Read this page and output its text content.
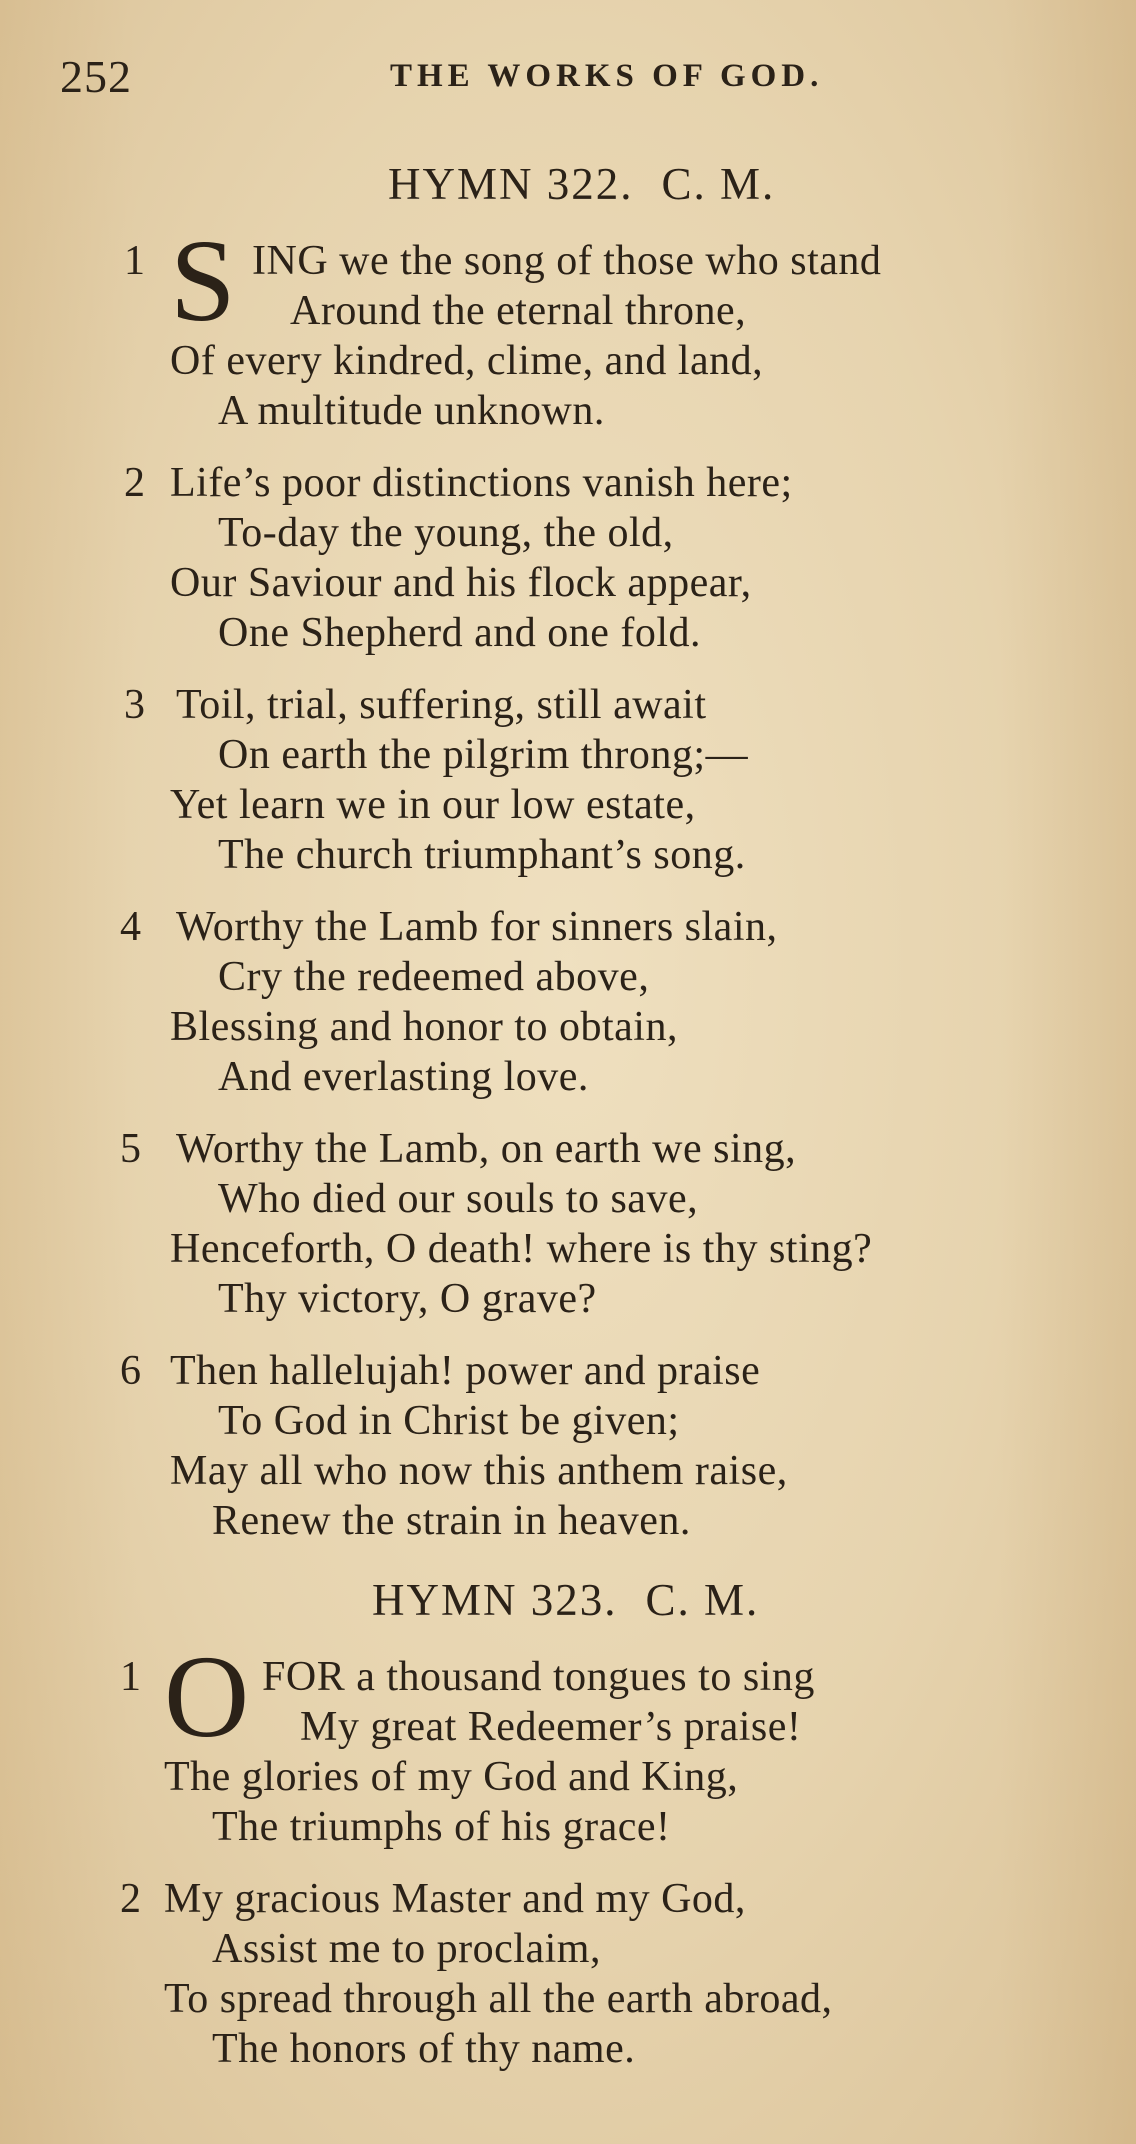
252	THE WORKS OF GOD.
HYMN 322. C. M.
1 S ING we the song of those who stand
Around the eternal throne,
Of every kindred, clime, and land,
A multitude unknown.
2 Life’s poor distinctions vanish here;
To-day the young, the old,
Our Saviour and his flock appear,
One Shepherd and one fold.
3 Toil, trial, suffering, still await
On earth the pilgrim throng;—
Yet learn we in our low estate,
The church triumphant’s song.
4 Worthy the Lamb for sinners slain,
Cry the redeemed above,
Blessing and honor to obtain,
And everlasting love.
5 Worthy the Lamb, on earth we sing,
Who died our souls to save,
Henceforth, O death! where is thy sting?
Thy victory, O grave?
6 Then hallelujah! power and praise
To God in Christ be given;
May all who now this anthem raise,
Renew the strain in heaven.
HYMN 323. C. M.
1 O FOR a thousand tongues to sing
My great Redeemer’s praise!
The glories of my God and King,
The triumphs of his grace!
2 My gracious Master and my God,
Assist me to proclaim,
To spread through all the earth abroad,
The honors of thy name.
